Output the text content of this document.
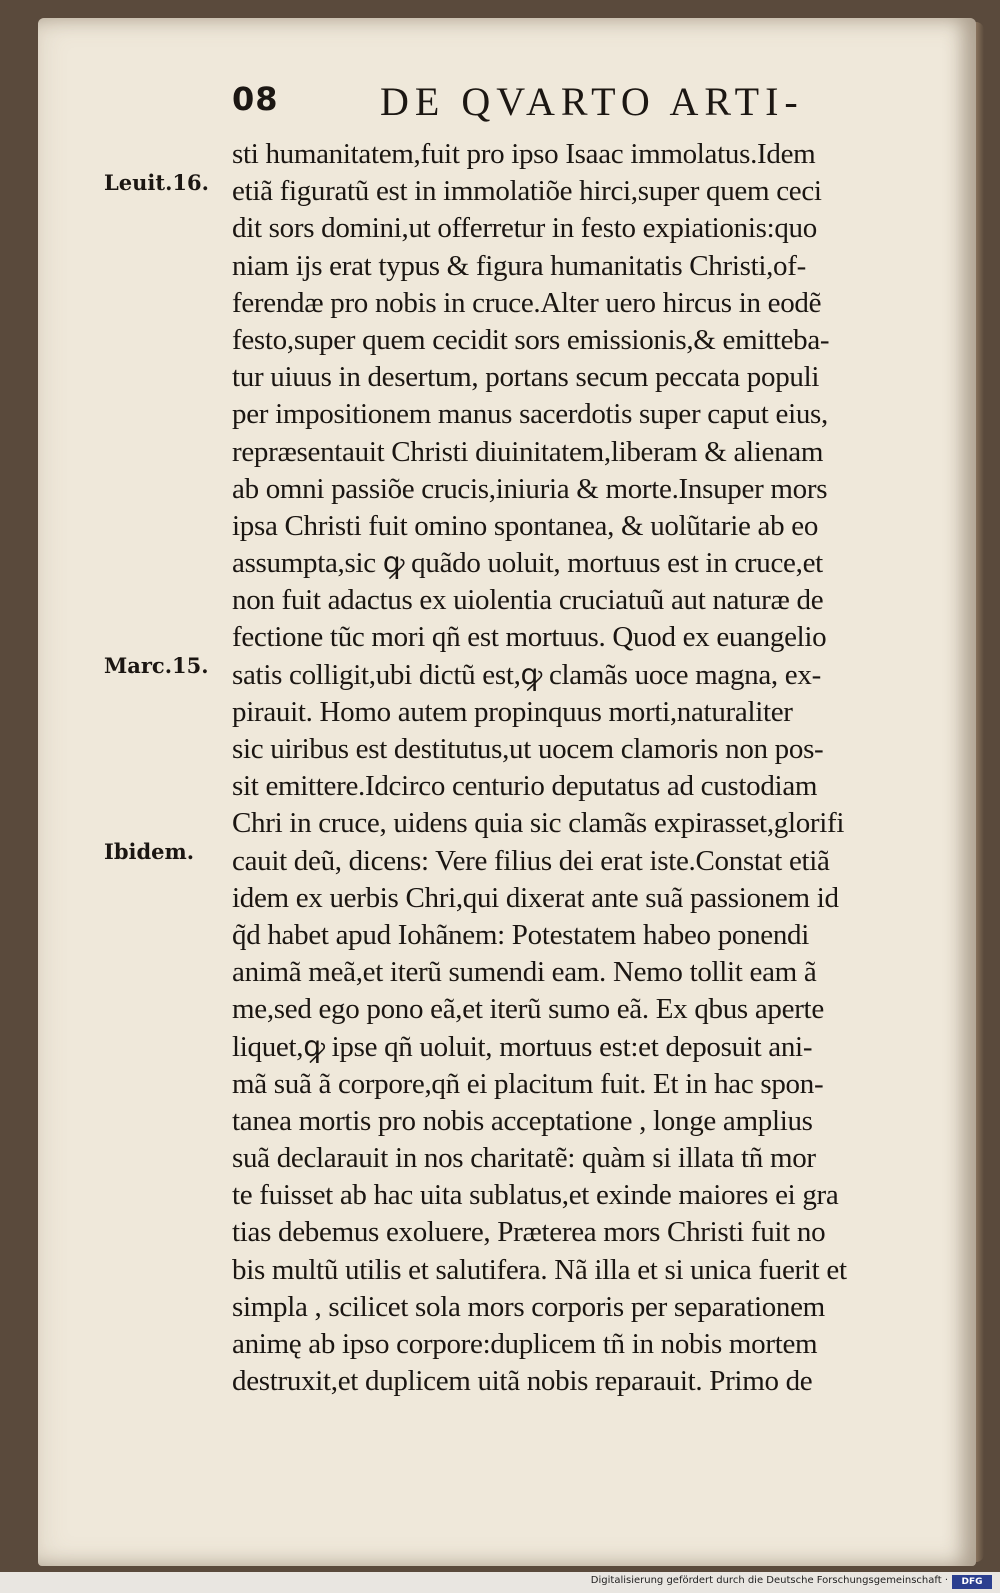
08	DE QVARTO ARTI-
Leuit.16.
Marc.15.
Ibidem.
sti humanitatem,fuit pro ipso Isaac immolatus.Idem
etiã figuratũ est in immolatiõe hirci,super quem ceci
dit sors domini,ut offerretur in festo expiationis:quo
niam ijs erat typus & figura humanitatis Christi,of-
ferendæ pro nobis in cruce.Alter uero hircus in eodẽ
festo,super quem cecidit sors emissionis,& emitteba-
tur uiuus in desertum, portans secum peccata populi
per impositionem manus sacerdotis super caput eius,
repræsentauit Christi diuinitatem,liberam & alienam
ab omni passiõe crucis,iniuria & morte.Insuper mors
ipsa Christi fuit omino spontanea, & uolũtarie ab eo
assumpta,sic ꝙ quãdo uoluit, mortuus est in cruce,et
non fuit adactus ex uiolentia cruciatuũ aut naturæ de
fectione tũc mori qñ est mortuus. Quod ex euangelio
satis colligit,ubi dictũ est,ꝙ clamãs uoce magna, ex-
pirauit. Homo autem propinquus morti,naturaliter
sic uiribus est destitutus,ut uocem clamoris non pos-
sit emittere.Idcirco centurio deputatus ad custodiam
Chri in cruce, uidens quia sic clamãs expirasset,glorifi
cauit deũ, dicens: Vere filius dei erat iste.Constat etiã
idem ex uerbis Chri,qui dixerat ante suã passionem id
q̃d habet apud Iohãnem: Potestatem habeo ponendi
animã meã,et iterũ sumendi eam. Nemo tollit eam ã
me,sed ego pono eã,et iterũ sumo eã. Ex qbus aperte
liquet,ꝙ ipse qñ uoluit, mortuus est:et deposuit ani-
mã suã ã corpore,qñ ei placitum fuit. Et in hac spon-
tanea mortis pro nobis acceptatione , longe amplius
suã declarauit in nos charitatẽ: quàm si illata tñ mor
te fuisset ab hac uita sublatus,et exinde maiores ei gra
tias debemus exoluere, Præterea mors Christi fuit no
bis multũ utilis et salutifera. Nã illa et si unica fuerit et
simpla , scilicet sola mors corporis per separationem
animę ab ipso corpore:duplicem tñ in nobis mortem
destruxit,et duplicem uitã nobis reparauit. Primo de
Digitalisierung gefördert durch die Deutsche Forschungsgemeinschaft ·	DFG
